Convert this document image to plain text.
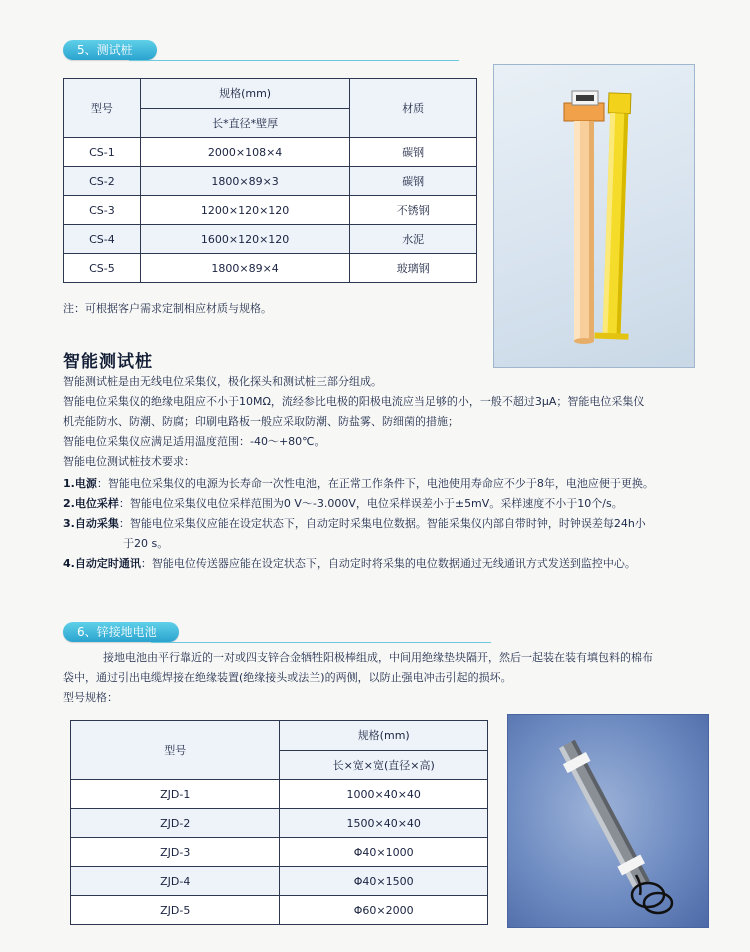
5、测试桩
型号	规格(mm)	材质
	长*直径*壁厚	
CS-1	2000×108×4	碳钢
CS-2	1800×89×3	碳钢
CS-3	1200×120×120	不锈钢
CS-4	1600×120×120	水泥
CS-5	1800×89×4	玻璃钢
注：可根据客户需求定制相应材质与规格。
智能测试桩
智能测试桩是由无线电位采集仪，极化探头和测试桩三部分组成。
智能电位采集仪的绝缘电阻应不小于10MΩ，流经参比电极的阳极电流应当足够的小，一般不超过3μA；智能电位采集仪
机壳能防水、防潮、防腐；印刷电路板一般应采取防潮、防盐雾、防细菌的措施；
智能电位采集仪应满足适用温度范围：-40～+80℃。
智能电位测试桩技术要求：
1.电源：智能电位采集仪的电源为长寿命一次性电池，在正常工作条件下，电池使用寿命应不少于8年，电池应便于更换。
2.电位采样：智能电位采集仪电位采样范围为0 V～-3.000V，电位采样误差小于±5mV。采样速度不小于10个/s。
3.自动采集：智能电位采集仪应能在设定状态下，自动定时采集电位数据。智能采集仪内部自带时钟，时钟误差每24h小
于20 s。
4.自动定时通讯：智能电位传送器应能在设定状态下，自动定时将采集的电位数据通过无线通讯方式发送到监控中心。
6、锌接地电池
接地电池由平行靠近的一对或四支锌合金牺牲阳极棒组成，中间用绝缘垫块隔开，然后一起装在装有填包料的棉布
袋中，通过引出电缆焊接在绝缘装置(绝缘接头或法兰)的两侧，以防止强电冲击引起的损坏。
型号规格：
型号	规格(mm)
	长×宽×宽(直径×高)
ZJD-1	1000×40×40
ZJD-2	1500×40×40
ZJD-3	Φ40×1000
ZJD-4	Φ40×1500
ZJD-5	Φ60×2000
